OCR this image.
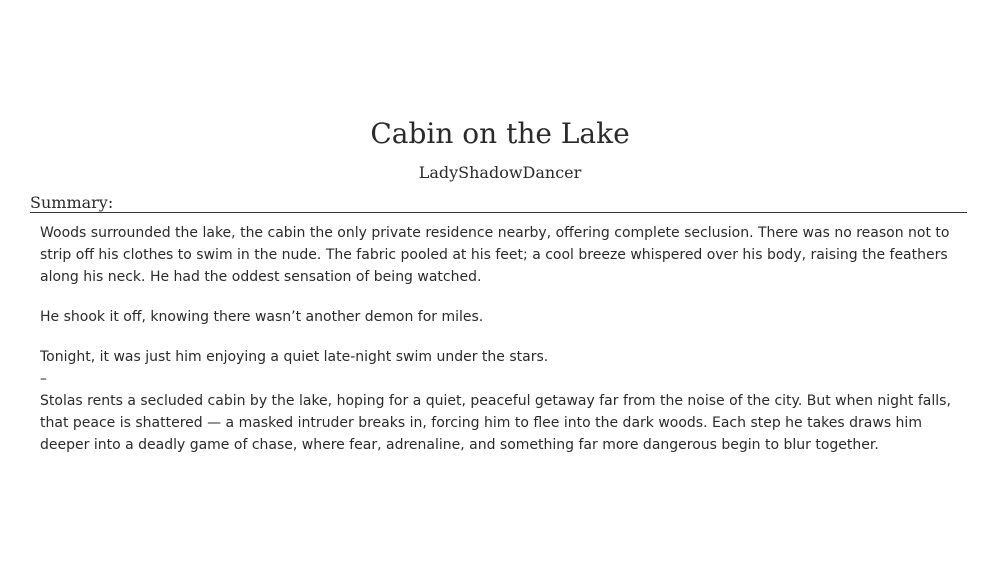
Cabin on the Lake
LadyShadowDancer
Summary:

Woods surrounded the lake, the cabin the only private residence nearby, offering complete seclusion. There was no reason not to strip off his clothes to swim in the nude. The fabric pooled at his feet; a cool breeze whispered over his body, raising the feathers along his neck. He had the oddest sensation of being watched.

He shook it off, knowing there wasn’t another demon for miles.

Tonight, it was just him enjoying a quiet late-night swim under the stars.

–

Stolas rents a secluded cabin by the lake, hoping for a quiet, peaceful getaway far from the noise of the city. But when night falls, that peace is shattered — a masked intruder breaks in, forcing him to flee into the dark woods. Each step he takes draws him deeper into a deadly game of chase, where fear, adrenaline, and something far more dangerous begin to blur together.
